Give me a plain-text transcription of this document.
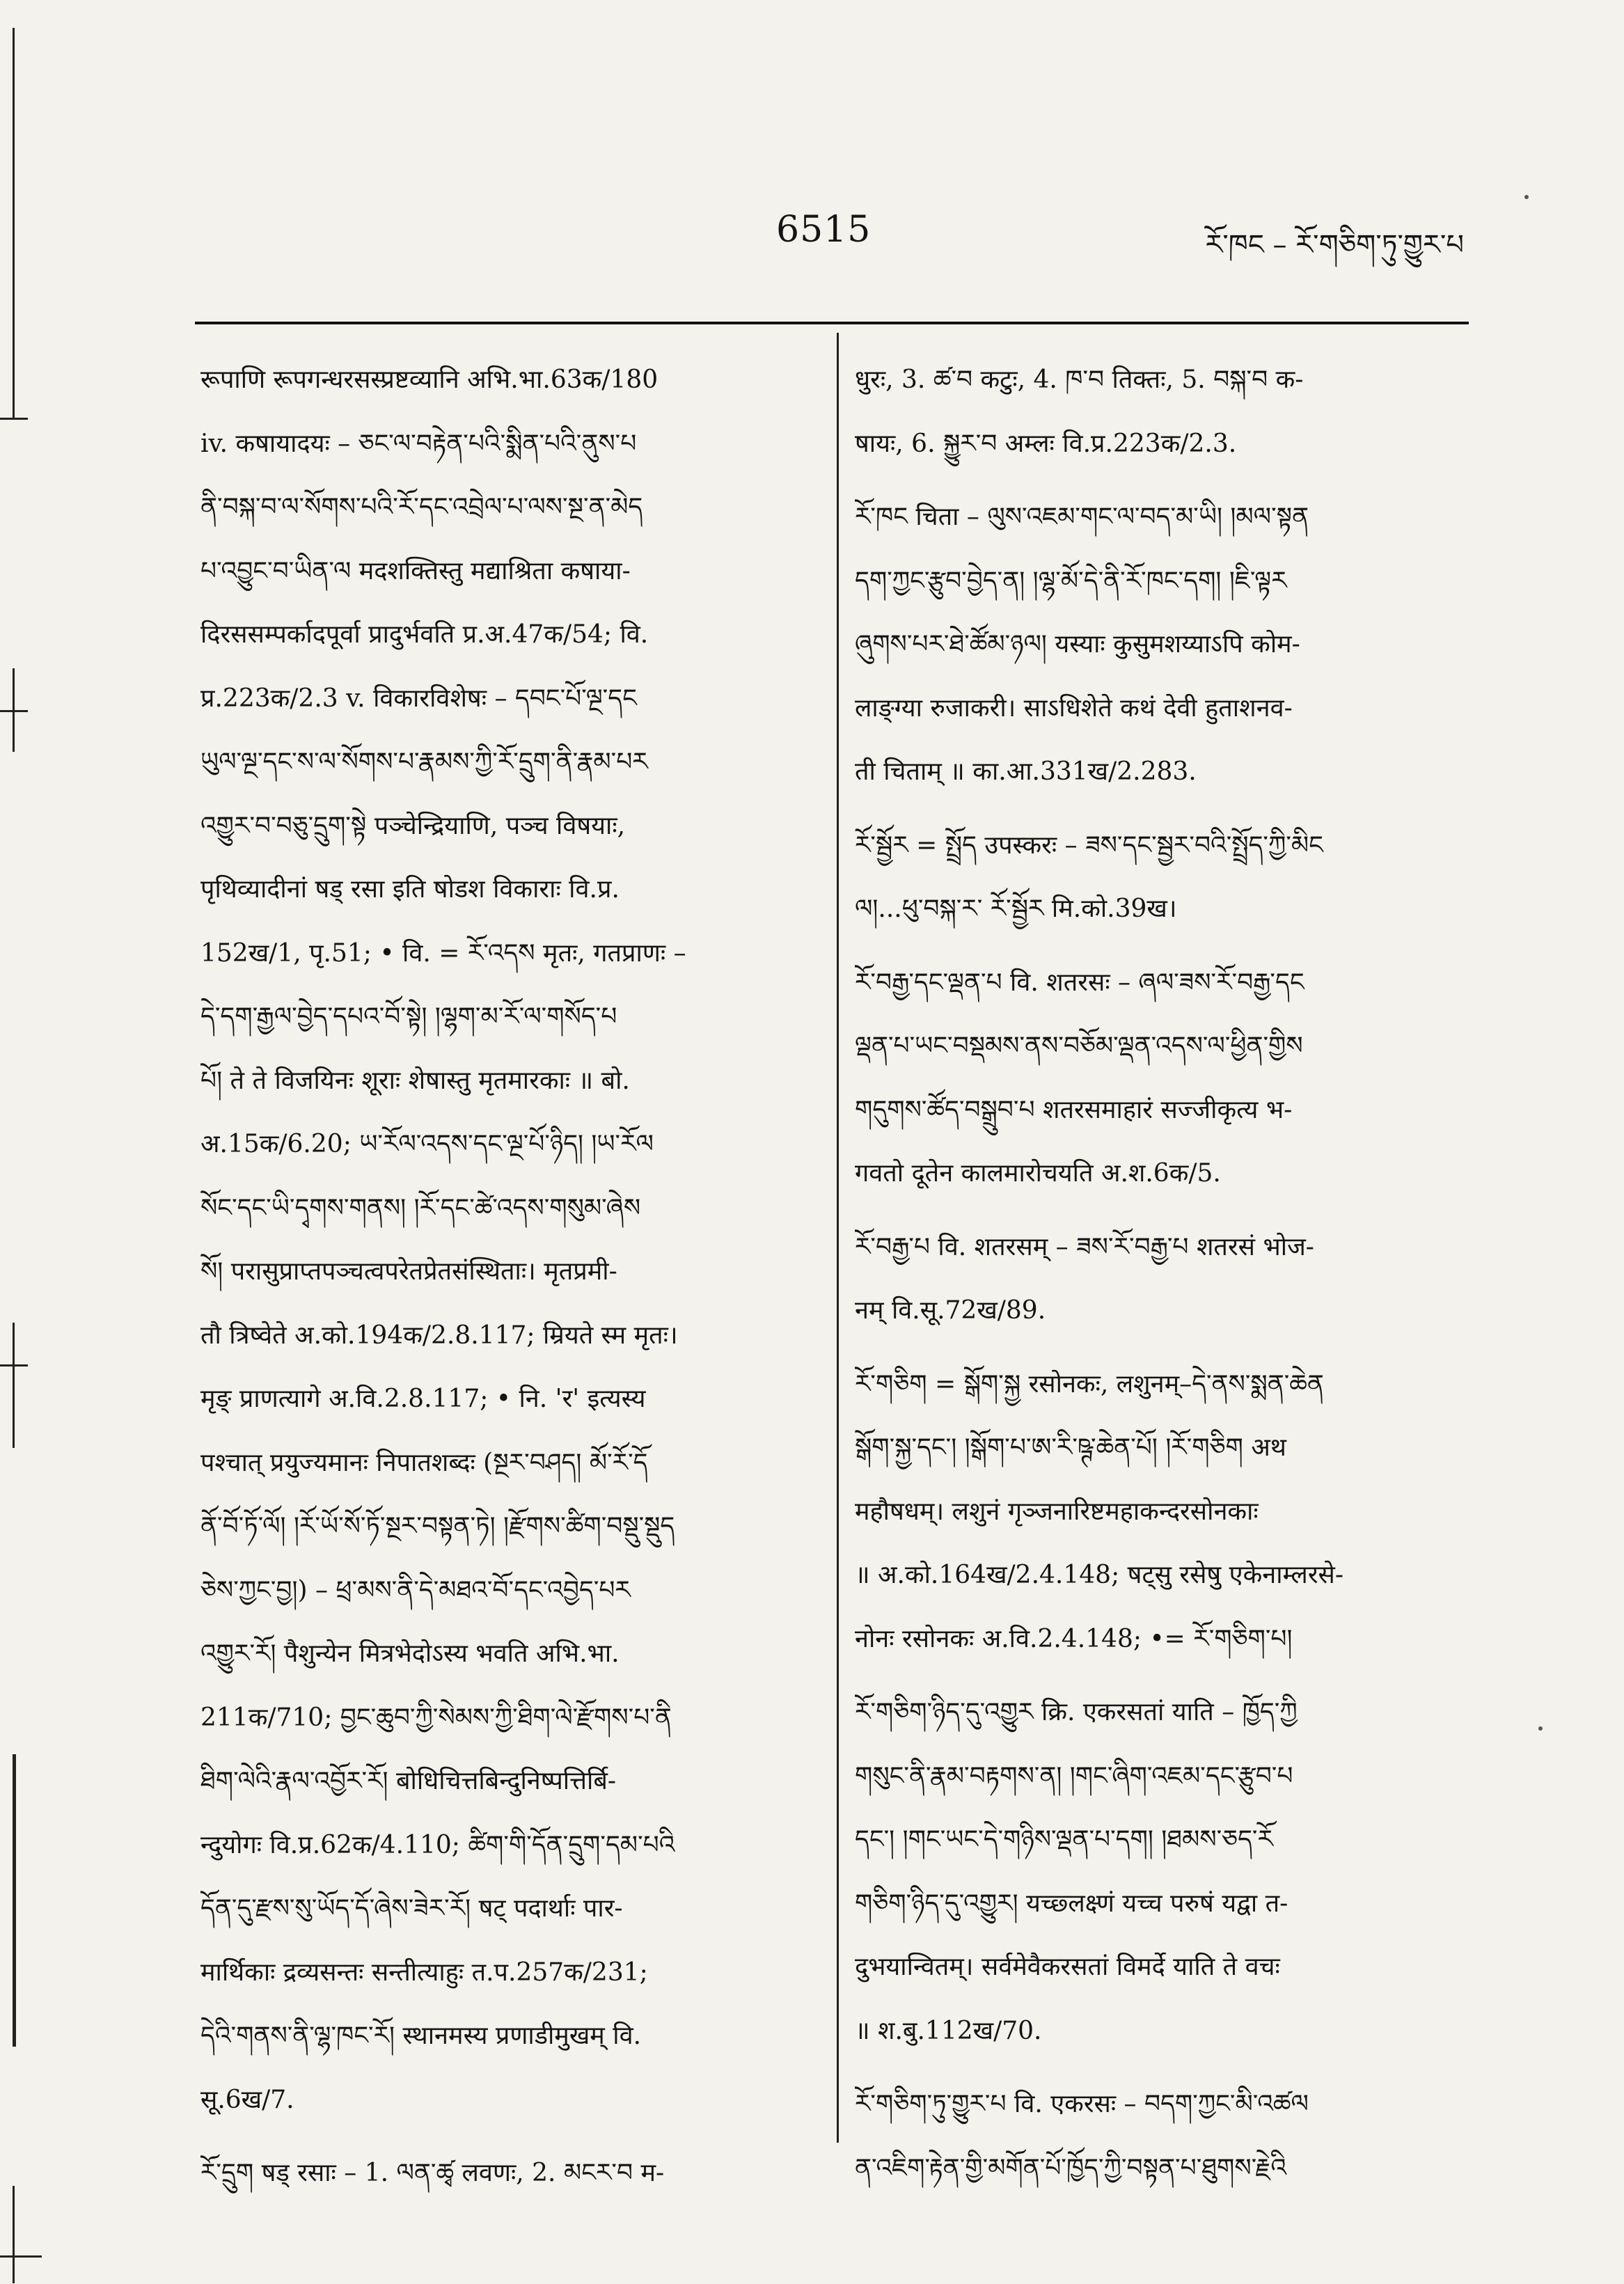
6515	རོ་ཁང – རོ་གཅིག་ཏུ་གྱུར་པ
रूपाणि रूपगन्धरसस्प्रष्टव्यानि अभि.भा.63क/180
iv. कषायादयः – ཅང་ལ་བརྟེན་པའི་སྨིན་པའི་ནུས་པ
ནི་བསྐ་བ་ལ་སོགས་པའི་རོ་དང་འབྲེལ་པ་ལས་སྔ་ན་མེད
པ་འབྱུང་བ་ཡིན་ལ मदशक्तिस्तु मद्याश्रिता कषाया-
दिरससम्पर्कादपूर्वा प्रादुर्भवति प्र.अ.47क/54; वि.
प्र.223क/2.3 v. विकारविशेषः – དབང་པོ་ལྔ་དང
ཡུལ་ལྔ་དང་ས་ལ་སོགས་པ་རྣམས་ཀྱི་རོ་དྲུག་ནི་རྣམ་པར
འགྱུར་བ་བཅུ་དྲུག་སྟེ पञ्चेन्द्रियाणि, पञ्च विषयाः,
पृथिव्यादीनां षड् रसा इति षोडश विकाराः वि.प्र.
152ख/1, पृ.51; • वि. = རོ་འདས मृतः, गतप्राणः –
དེ་དག་རྒྱལ་བྱེད་དཔའ་བོ་སྟེ། །ལྷག་མ་རོ་ལ་གསོད་པ
པོ། ते ते विजयिनः शूराः शेषास्तु मृतमारकाः ॥ बो.
अ.15क/6.20; ཡ་རོལ་འདས་དང་ལྔ་པོ་ཉིད། །ཡ་རོལ
སོང་དང་ཡི་དྭགས་གནས། །རོ་དང་ཚེ་འདས་གསུམ་ཞེས
སོ། परासुप्राप्तपञ्चत्वपरेतप्रेतसंस्थिताः। मृतप्रमी-
तौ त्रिष्वेते अ.को.194क/2.8.117; म्रियते स्म मृतः।
मृङ् प्राणत्यागे अ.वि.2.8.117; • नि. 'र' इत्यस्य
पश्चात् प्रयुज्यमानः निपातशब्दः (སྔར་བཤད། མོ་རོ་དོ
ནོ་བོ་ཏོ་ལོ། །རོ་ཡོ་སོ་ཏོ་སྔར་བསྟན་ཏེ། །རྫོགས་ཚིག་བསྡུ་སྡུད
ཅེས་ཀྱང་བྱ།) – ཕྲ་མས་ནི་དེ་མཐའ་བོ་དང་འབྱེད་པར
འགྱུར་རོ། पैशुन्येन मित्रभेदोऽस्य भवति अभि.भा.
211क/710; བྱང་ཆུབ་ཀྱི་སེམས་ཀྱི་ཐིག་ལེ་རྫོགས་པ་ནི
ཐིག་ལེའི་རྣལ་འབྱོར་རོ། बोधिचित्तबिन्दुनिष्पत्तिर्बि-
न्दुयोगः वि.प्र.62क/4.110; ཚིག་གི་དོན་དྲུག་དམ་པའི
དོན་དུ་རྫས་སུ་ཡོད་དོ་ཞེས་ཟེར་རོ། षट् पदार्थाः पार-
मार्थिकाः द्रव्यसन्तः सन्तीत्याहुः त.प.257क/231;
དེའི་གནས་ནི་ལྷ་ཁང་རོ། स्थानमस्य प्रणाडीमुखम् वि.
सू.6ख/7.
རོ་དྲུག षड् रसाः – 1. ལན་ཚྭ लवणः, 2. མངར་བ म-
धुरः, 3. ཚ་བ कटुः, 4. ཁ་བ तिक्तः, 5. བསྐ་བ क-
षायः, 6. སྐྱུར་བ अम्लः वि.प्र.223क/2.3.
རོ་ཁང चिता – ལུས་འཇམ་གང་ལ་བད་མ་ཡི། །མལ་སྟན
དག་ཀྱང་རྩུབ་བྱེད་ན། །ལྷ་མོ་དེ་ནི་རོ་ཁང་དག། །ཇི་ལྟར
ཞུགས་པར་ཐེ་ཚོམ་ཉལ། यस्याः कुसुमशय्याऽपि कोम-
लाङ्ग्या रुजाकरी। साऽधिशेते कथं देवी हुताशनव-
ती चिताम् ॥ का.आ.331ख/2.283.
རོ་སྦྱོར = སྤྲོད उपस्करः – ཟས་དང་སྦྱར་བའི་སྤྲོད་ཀྱི་མིང
ལ།...ཕུ་བསྐ་ར་ རོ་སྦྱོར मि.को.39ख।
རོ་བརྒྱ་དང་ལྡན་པ वि. शतरसः – ཞལ་ཟས་རོ་བརྒྱ་དང
ལྡན་པ་ཡང་བསྡམས་ནས་བཅོམ་ལྡན་འདས་ལ་ཕྱིན་གྱིས
གདུགས་ཚོད་བསྒྲུབ་པ शतरसमाहारं सज्जीकृत्य भ-
गवतो दूतेन कालमारोचयति अ.श.6क/5.
རོ་བརྒྱ་པ वि. शतरसम् – ཟས་རོ་བརྒྱ་པ शतरसं भोज-
नम् वि.सू.72ख/89.
རོ་གཅིག = སྒོག་སྐྱ रसोनकः, लशुनम्–དེ་ནས་སྨན་ཆེན
སྒོག་སྐྱ་དང་། །སྒོག་པ་ཨ་རི་ཥྚ་ཆེན་པོ། །རོ་གཅིག अथ
महौषधम्। लशुनं गृञ्जनारिष्टमहाकन्दरसोनकाः
॥ अ.को.164ख/2.4.148; षट्सु रसेषु एकेनाम्लरसे-
नोनः रसोनकः अ.वि.2.4.148; •= རོ་གཅིག་པ།
རོ་གཅིག་ཉིད་དུ་འགྱུར क्रि. एकरसतां याति – ཁྱོད་ཀྱི
གསུང་ནི་རྣམ་བརྟགས་ན། །གང་ཞིག་འཇམ་དང་རྩུབ་པ
དང་། །གང་ཡང་དེ་གཉིས་ལྡན་པ་དག། །ཐམས་ཅད་རོ
གཅིག་ཉིད་དུ་འགྱུར། यच्छ्लक्ष्णं यच्च परुषं यद्वा त-
दुभयान्वितम्। सर्वमेवैकरसतां विमर्दे याति ते वचः
॥ श.बु.112ख/70.
རོ་གཅིག་ཏུ་གྱུར་པ वि. एकरसः – བདག་ཀྱང་མི་འཚལ
ན་འཇིག་རྟེན་གྱི་མགོན་པོ་ཁྱོད་ཀྱི་བསྟན་པ་ཐུགས་རྗེའི
